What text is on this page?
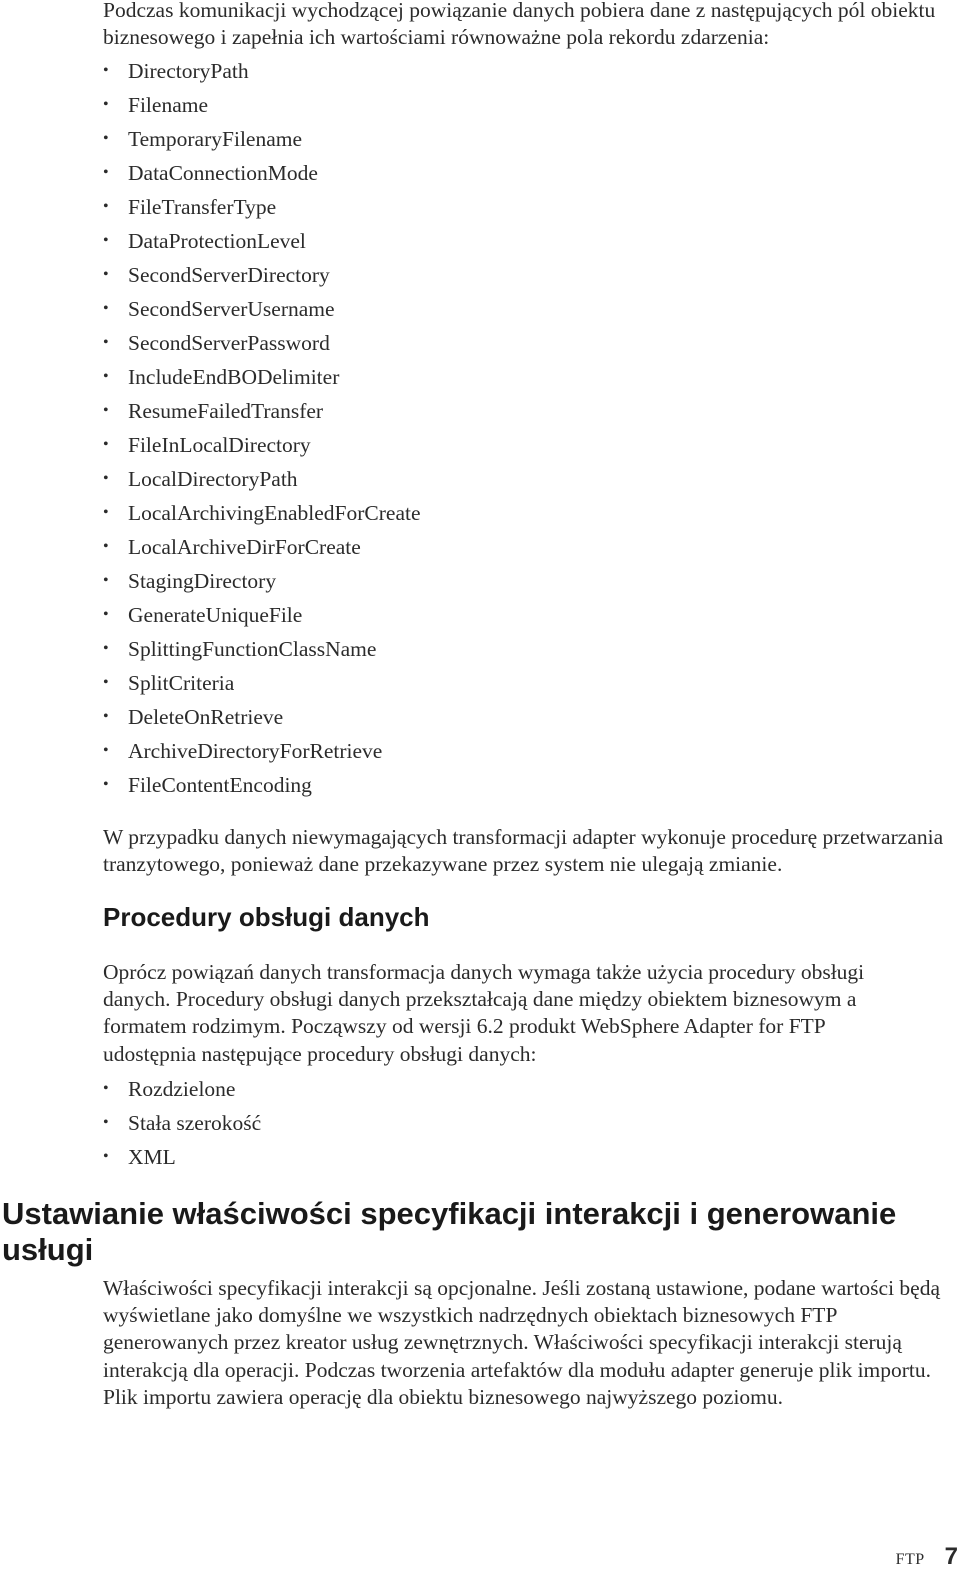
Podczas komunikacji wychodzącej powiązanie danych pobiera dane z następujących pól obiektu biznesowego i zapełnia ich wartościami równoważne pola rekordu zdarzenia:

• DirectoryPath
• Filename
• TemporaryFilename
• DataConnectionMode
• FileTransferType
• DataProtectionLevel
• SecondServerDirectory
• SecondServerUsername
• SecondServerPassword
• IncludeEndBODelimiter
• ResumeFailedTransfer
• FileInLocalDirectory
• LocalDirectoryPath
• LocalArchivingEnabledForCreate
• LocalArchiveDirForCreate
• StagingDirectory
• GenerateUniqueFile
• SplittingFunctionClassName
• SplitCriteria
• DeleteOnRetrieve
• ArchiveDirectoryForRetrieve
• FileContentEncoding

W przypadku danych niewymagających transformacji adapter wykonuje procedurę przetwarzania tranzytowego, ponieważ dane przekazywane przez system nie ulegają zmianie.

Procedury obsługi danych

Oprócz powiązań danych transformacja danych wymaga także użycia procedury obsługi danych. Procedury obsługi danych przekształcają dane między obiektem biznesowym a formatem rodzimym. Począwszy od wersji 6.2 produkt WebSphere Adapter for FTP udostępnia następujące procedury obsługi danych:

• Rozdzielone
• Stała szerokość
• XML
Ustawianie właściwości specyfikacji interakcji i generowanie usługi

Właściwości specyfikacji interakcji są opcjonalne. Jeśli zostaną ustawione, podane wartości będą wyświetlane jako domyślne we wszystkich nadrzędnych obiektach biznesowych FTP generowanych przez kreator usług zewnętrznych. Właściwości specyfikacji interakcji sterują interakcją dla operacji. Podczas tworzenia artefaktów dla modułu adapter generuje plik importu. Plik importu zawiera operację dla obiektu biznesowego najwyższego poziomu.

FTP 7
